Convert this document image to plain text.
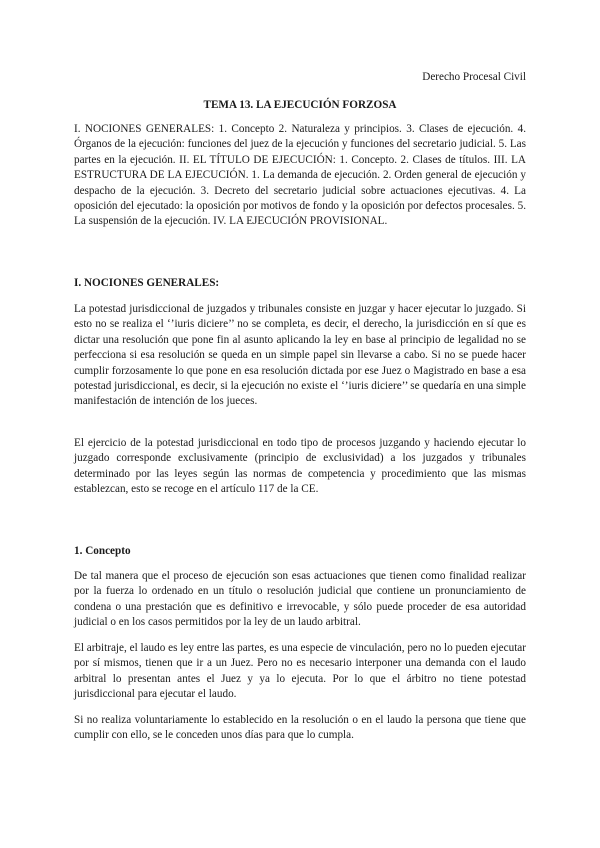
Derecho Procesal Civil
TEMA 13. LA EJECUCIÓN FORZOSA

I. NOCIONES GENERALES: 1. Concepto 2. Naturaleza y principios. 3. Clases de ejecución. 4. Órganos de la ejecución: funciones del juez de la ejecución y funciones del secretario judicial. 5. Las partes en la ejecución. II. EL TÍTULO DE EJECUCIÓN: 1. Concepto. 2. Clases de títulos. III. LA ESTRUCTURA DE LA EJECUCIÓN. 1. La demanda de ejecución. 2. Orden general de ejecución y despacho de la ejecución. 3. Decreto del secretario judicial sobre actuaciones ejecutivas. 4. La oposición del ejecutado: la oposición por motivos de fondo y la oposición por defectos procesales. 5. La suspensión de la ejecución. IV. LA EJECUCIÓN PROVISIONAL.

I. NOCIONES GENERALES:

La potestad jurisdiccional de juzgados y tribunales consiste en juzgar y hacer ejecutar lo juzgado. Si esto no se realiza el ‘’iuris diciere’’ no se completa, es decir, el derecho, la jurisdicción en sí que es dictar una resolución que pone fin al asunto aplicando la ley en base al principio de legalidad no se perfecciona si esa resolución se queda en un simple papel sin llevarse a cabo. Si no se puede hacer cumplir forzosamente lo que pone en esa resolución dictada por ese Juez o Magistrado en base a esa potestad jurisdiccional, es decir, si la ejecución no existe el ‘’iuris diciere’’ se quedaría en una simple manifestación de intención de los jueces.

El ejercicio de la potestad jurisdiccional en todo tipo de procesos juzgando y haciendo ejecutar lo juzgado corresponde exclusivamente (principio de exclusividad) a los juzgados y tribunales determinado por las leyes según las normas de competencia y procedimiento que las mismas establezcan, esto se recoge en el artículo 117 de la CE.

1. Concepto

De tal manera que el proceso de ejecución son esas actuaciones que tienen como finalidad realizar por la fuerza lo ordenado en un título o resolución judicial que contiene un pronunciamiento de condena o una prestación que es definitivo e irrevocable, y sólo puede proceder de esa autoridad judicial o en los casos permitidos por la ley de un laudo arbitral.

El arbitraje, el laudo es ley entre las partes, es una especie de vinculación, pero no lo pueden ejecutar por sí mismos, tienen que ir a un Juez. Pero no es necesario interponer una demanda con el laudo arbitral lo presentan antes el Juez y ya lo ejecuta. Por lo que el árbitro no tiene potestad jurisdiccional para ejecutar el laudo.

Si no realiza voluntariamente lo establecido en la resolución o en el laudo la persona que tiene que cumplir con ello, se le conceden unos días para que lo cumpla.
